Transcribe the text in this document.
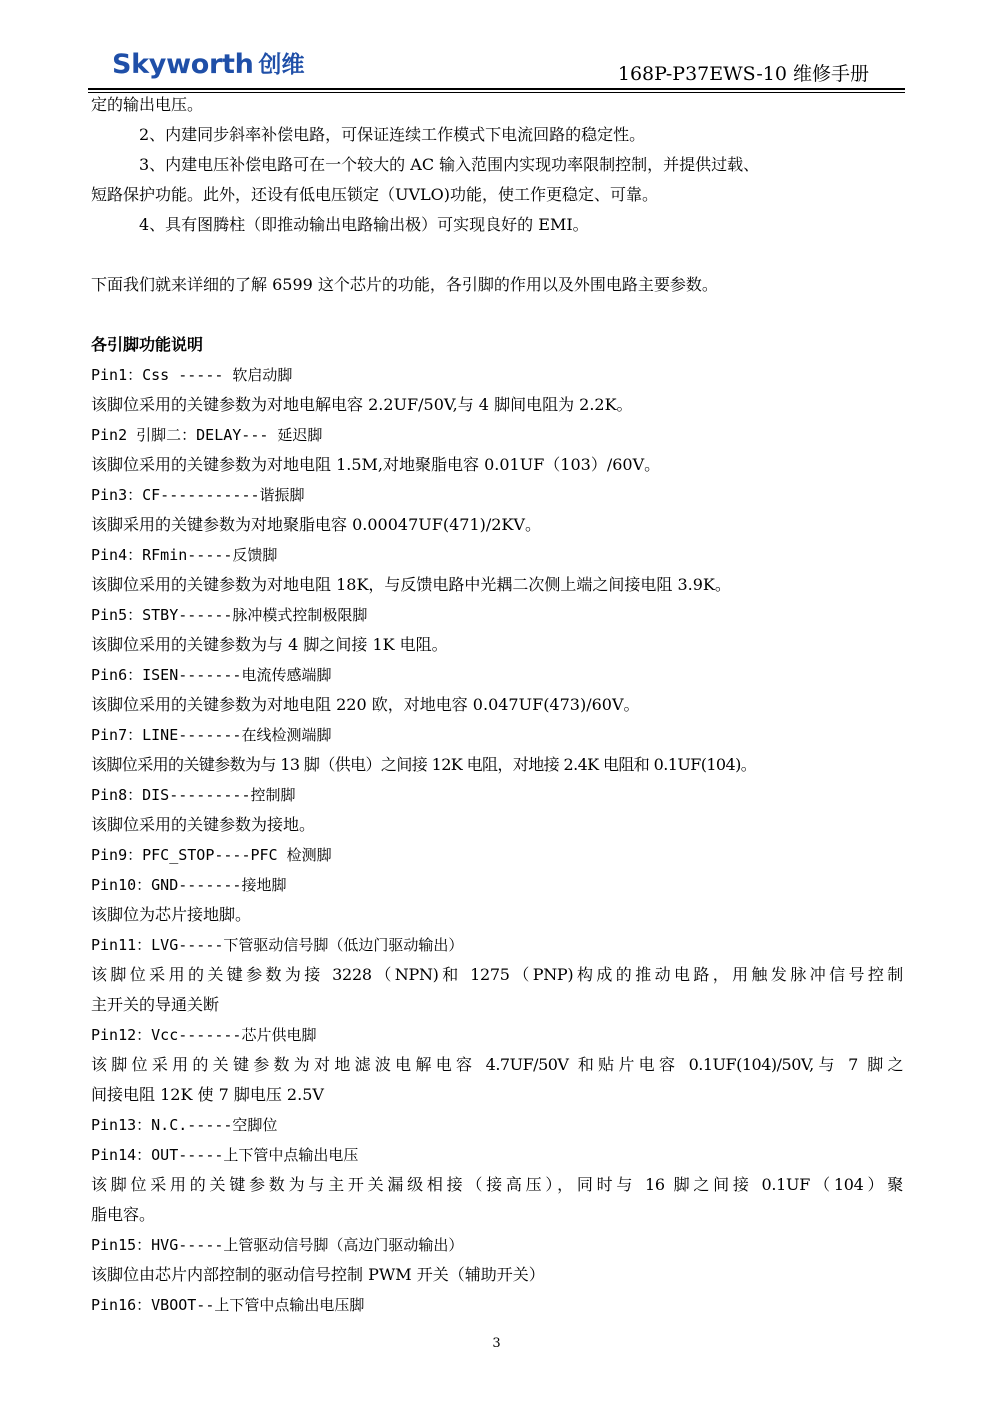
Skyworth 创维	168P-P37EWS-10 维修手册
定的输出电压。
2、内建同步斜率补偿电路，可保证连续工作模式下电流回路的稳定性。
3、内建电压补偿电路可在一个较大的 AC 输入范围内实现功率限制控制，并提供过载、
短路保护功能。此外，还设有低电压锁定（UVLO)功能，使工作更稳定、可靠。
4、具有图腾柱（即推动输出电路输出极）可实现良好的 EMI。
下面我们就来详细的了解 6599 这个芯片的功能，各引脚的作用以及外围电路主要参数。
各引脚功能说明
Pin1：Css ----- 软启动脚
该脚位采用的关键参数为对地电解电容 2.2UF/50V,与 4 脚间电阻为 2.2K。
Pin2 引脚二：DELAY--- 延迟脚
该脚位采用的关键参数为对地电阻 1.5M,对地聚脂电容 0.01UF（103）/60V。
Pin3：CF-----------谐振脚
该脚采用的关键参数为对地聚脂电容 0.00047UF(471)/2KV。
Pin4：RFmin-----反馈脚
该脚位采用的关键参数为对地电阻 18K，与反馈电路中光耦二次侧上端之间接电阻 3.9K。
Pin5：STBY------脉冲模式控制极限脚
该脚位采用的关键参数为与 4 脚之间接 1K 电阻。
Pin6：ISEN-------电流传感端脚
该脚位采用的关键参数为对地电阻 220 欧，对地电容 0.047UF(473)/60V。
Pin7：LINE-------在线检测端脚
该脚位采用的关键参数为与 13 脚（供电）之间接 12K 电阻，对地接 2.4K 电阻和 0.1UF(104)。
Pin8：DIS---------控制脚
该脚位采用的关键参数为接地。
Pin9：PFC_STOP----PFC 检测脚
Pin10：GND-------接地脚
该脚位为芯片接地脚。
Pin11：LVG-----下管驱动信号脚（低边门驱动输出）
该脚位采用的关键参数为接 3228（NPN)和 1275（PNP)构成的推动电路，用触发脉冲信号控制
主开关的导通关断
Pin12：Vcc-------芯片供电脚
该脚位采用的关键参数为对地滤波电解电容 4.7UF/50V 和贴片电容 0.1UF(104)/50V,与 7 脚之
间接电阻 12K 使 7 脚电压 2.5V
Pin13：N.C.-----空脚位
Pin14：OUT-----上下管中点输出电压
该脚位采用的关键参数为与主开关漏级相接（接高压），同时与 16 脚之间接 0.1UF（104）聚
脂电容。
Pin15：HVG-----上管驱动信号脚（高边门驱动输出）
该脚位由芯片内部控制的驱动信号控制 PWM 开关（辅助开关）
Pin16：VBOOT--上下管中点输出电压脚
3
